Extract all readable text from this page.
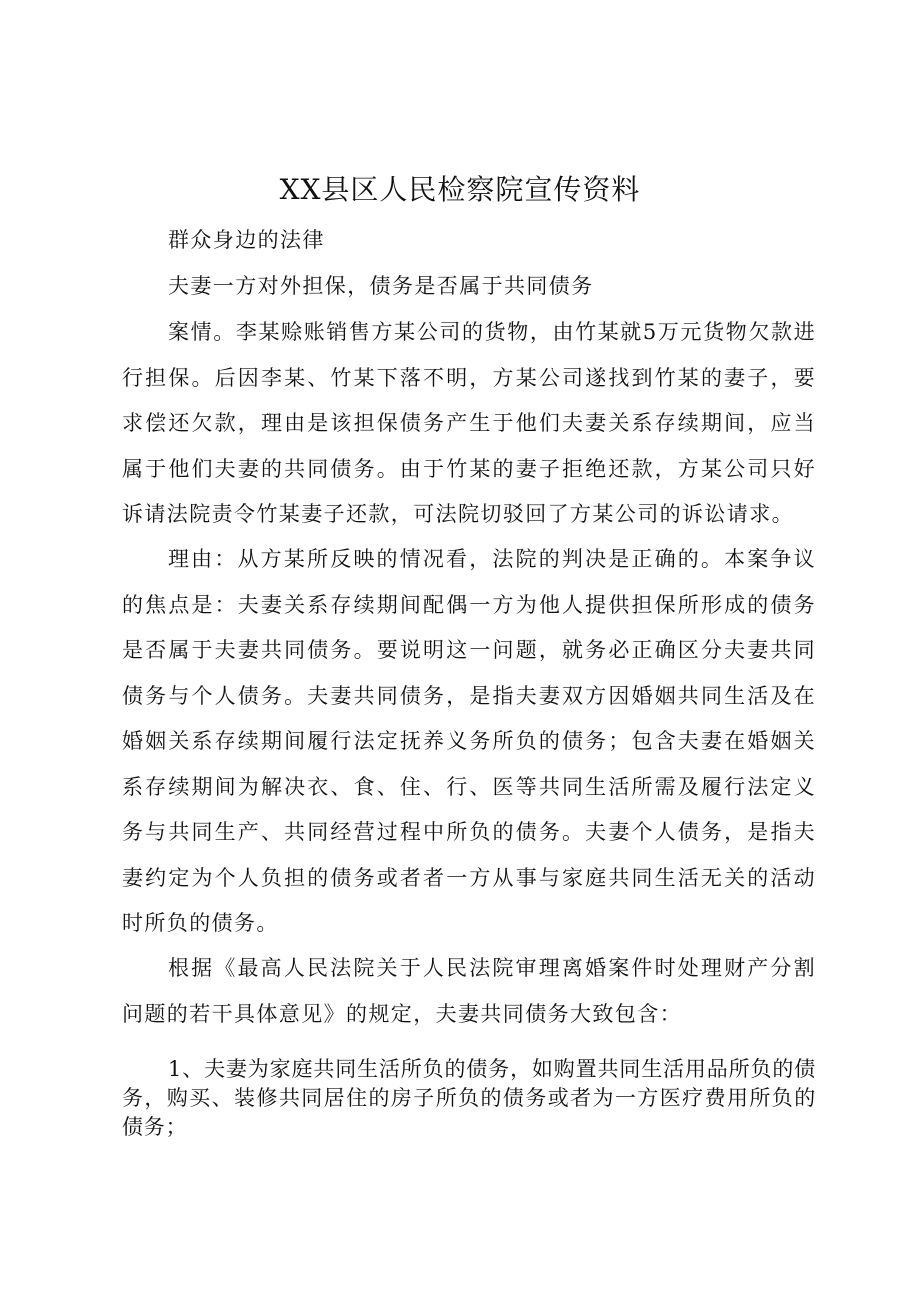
XX县区人民检察院宣传资料

群众身边的法律

夫妻一方对外担保，债务是否属于共同债务

案情。李某赊账销售方某公司的货物，由竹某就5万元货物欠款进行担保。后因李某、竹某下落不明，方某公司遂找到竹某的妻子，要求偿还欠款，理由是该担保债务产生于他们夫妻关系存续期间，应当属于他们夫妻的共同债务。由于竹某的妻子拒绝还款，方某公司只好诉请法院责令竹某妻子还款，可法院切驳回了方某公司的诉讼请求。

理由：从方某所反映的情况看，法院的判决是正确的。本案争议的焦点是：夫妻关系存续期间配偶一方为他人提供担保所形成的债务是否属于夫妻共同债务。要说明这一问题，就务必正确区分夫妻共同债务与个人债务。夫妻共同债务，是指夫妻双方因婚姻共同生活及在婚姻关系存续期间履行法定抚养义务所负的债务；包含夫妻在婚姻关系存续期间为解决衣、食、住、行、医等共同生活所需及履行法定义务与共同生产、共同经营过程中所负的债务。夫妻个人债务，是指夫妻约定为个人负担的债务或者者一方从事与家庭共同生活无关的活动时所负的债务。

根据《最高人民法院关于人民法院审理离婚案件时处理财产分割问题的若干具体意见》的规定，夫妻共同债务大致包含：

1、夫妻为家庭共同生活所负的债务，如购置共同生活用品所负的债务，购买、装修共同居住的房子所负的债务或者为一方医疗费用所负的债务；
